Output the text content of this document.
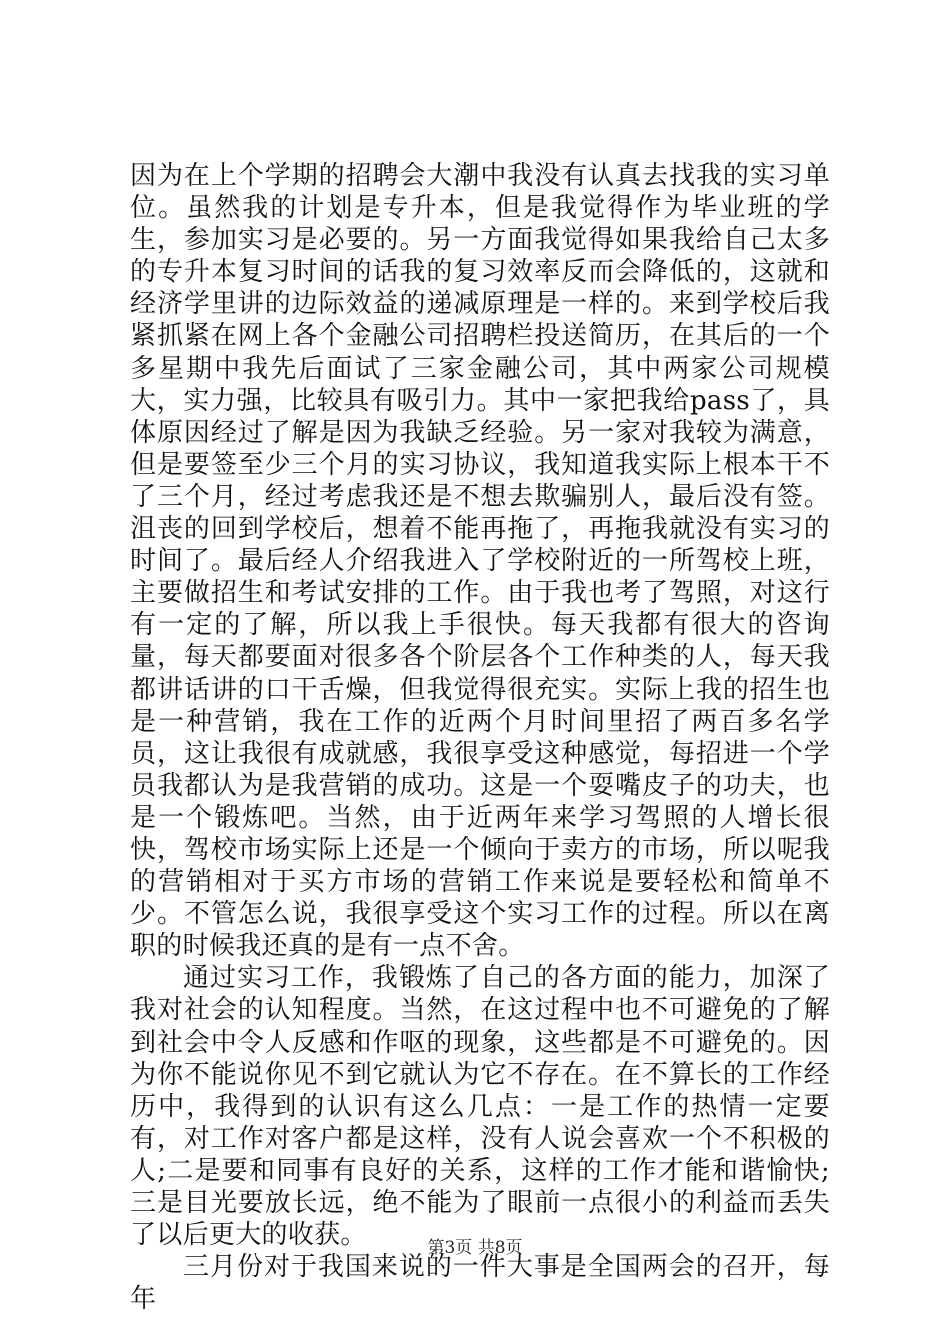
因为在上个学期的招聘会大潮中我没有认真去找我的实习单位。虽然我的计划是专升本，但是我觉得作为毕业班的学生，参加实习是必要的。另一方面我觉得如果我给自己太多的专升本复习时间的话我的复习效率反而会降低的，这就和经济学里讲的边际效益的递减原理是一样的。来到学校后我紧抓紧在网上各个金融公司招聘栏投送简历，在其后的一个多星期中我先后面试了三家金融公司，其中两家公司规模大，实力强，比较具有吸引力。其中一家把我给pass了，具体原因经过了解是因为我缺乏经验。另一家对我较为满意，但是要签至少三个月的实习协议，我知道我实际上根本干不了三个月，经过考虑我还是不想去欺骗别人，最后没有签。沮丧的回到学校后，想着不能再拖了，再拖我就没有实习的时间了。最后经人介绍我进入了学校附近的一所驾校上班，主要做招生和考试安排的工作。由于我也考了驾照，对这行有一定的了解，所以我上手很快。每天我都有很大的咨询量，每天都要面对很多各个阶层各个工作种类的人，每天我都讲话讲的口干舌燥，但我觉得很充实。实际上我的招生也是一种营销，我在工作的近两个月时间里招了两百多名学员，这让我很有成就感，我很享受这种感觉，每招进一个学员我都认为是我营销的成功。这是一个耍嘴皮子的功夫，也是一个锻炼吧。当然，由于近两年来学习驾照的人增长很快，驾校市场实际上还是一个倾向于卖方的市场，所以呢我的营销相对于买方市场的营销工作来说是要轻松和简单不少。不管怎么说，我很享受这个实习工作的过程。所以在离职的时候我还真的是有一点不舍。

通过实习工作，我锻炼了自己的各方面的能力，加深了我对社会的认知程度。当然，在这过程中也不可避免的了解到社会中令人反感和作呕的现象，这些都是不可避免的。因为你不能说你见不到它就认为它不存在。在不算长的工作经历中，我得到的认识有这么几点：一是工作的热情一定要有，对工作对客户都是这样，没有人说会喜欢一个不积极的人;二是要和同事有良好的关系，这样的工作才能和谐愉快;三是目光要放长远，绝不能为了眼前一点很小的利益而丢失了以后更大的收获。

三月份对于我国来说的一件大事是全国两会的召开，每年

第3页 共8页
